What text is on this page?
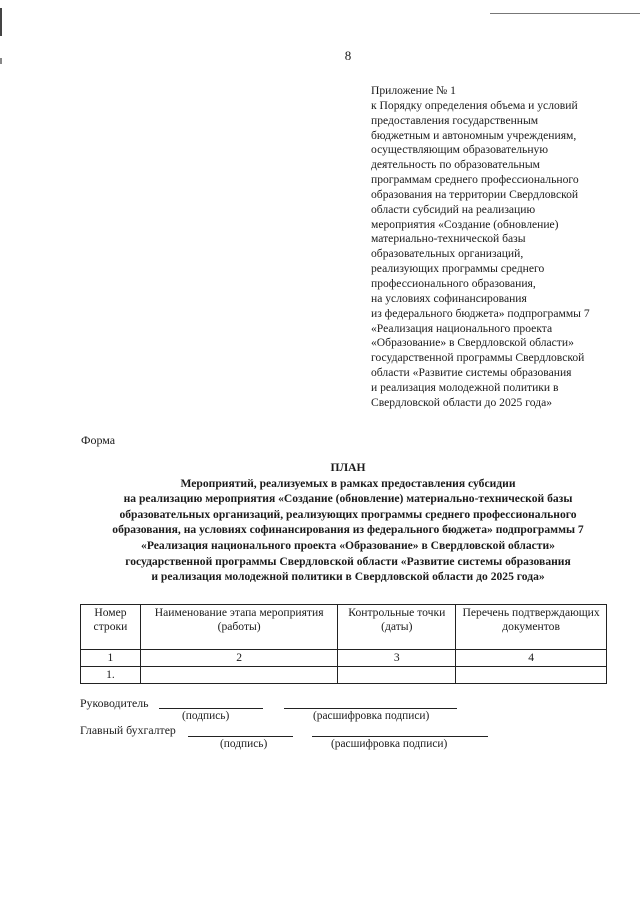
8
Приложение № 1
к Порядку определения объема и условий
предоставления государственным
бюджетным и автономным учреждениям,
осуществляющим образовательную
деятельность по образовательным
программам среднего профессионального
образования на территории Свердловской
области субсидий на реализацию
мероприятия «Создание (обновление)
материально-технической базы
образовательных организаций,
реализующих программы среднего
профессионального образования,
на условиях софинансирования
из федерального бюджета» подпрограммы 7
«Реализация национального проекта
«Образование» в Свердловской области»
государственной программы Свердловской
области «Развитие системы образования
и реализация молодежной политики в
Свердловской области до 2025 года»
Форма
ПЛАН
Мероприятий, реализуемых в рамках предоставления субсидии
на реализацию мероприятия «Создание (обновление) материально-технической базы
образовательных организаций, реализующих программы среднего профессионального
образования, на условиях софинансирования из федерального бюджета» подпрограммы 7
«Реализация национального проекта «Образование» в Свердловской области»
государственной программы Свердловской области «Развитие системы образования
и реализация молодежной политики в Свердловской области до 2025 года»
Номер строки	Наименование этапа мероприятия (работы)	Контрольные точки (даты)	Перечень подтверждающих документов
1	2	3	4
1.			
Руководитель
(подпись)	(расшифровка подписи)
Главный бухгалтер
(подпись)	(расшифровка подписи)
